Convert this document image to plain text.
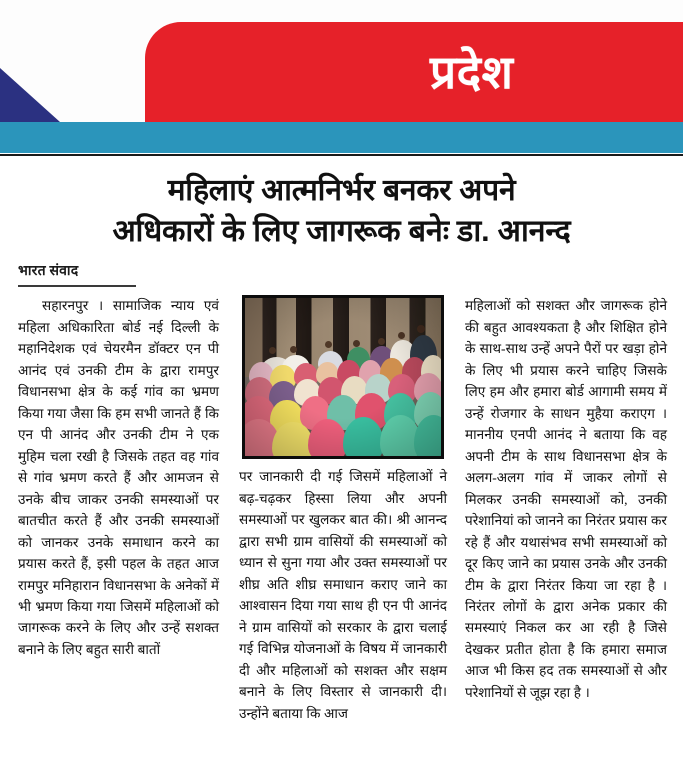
प्रदेश
महिलाएं आत्मनिर्भर बनकर अपने
अधिकारों के लिए जागरूक बनेः डा. आनन्द
भारत संवाद

सहारनपुर । सामाजिक न्याय एवं महिला अधिकारिता बोर्ड नई दिल्ली के महानिदेशक एवं चेयरमैन डॉक्टर एन पी आनंद एवं उनकी टीम के द्वारा रामपुर विधानसभा क्षेत्र के कई गांव का भ्रमण किया गया जैसा कि हम सभी जानते हैं कि एन पी आनंद और उनकी टीम ने एक मुहिम चला रखी है जिसके तहत वह गांव से गांव भ्रमण करते हैं और आमजन से उनके बीच जाकर उनकी समस्याओं पर बातचीत करते हैं और उनकी समस्याओं को जानकर उनके समाधान करने का प्रयास करते हैं, इसी पहल के तहत आज रामपुर मनिहारान विधानसभा के अनेकों में भी भ्रमण किया गया जिसमें महिलाओं को जागरूक करने के लिए और उन्हें सशक्त बनाने के लिए बहुत सारी बातों

पर जानकारी दी गई जिसमें महिलाओं ने बढ़-चढ़कर हिस्सा लिया और अपनी समस्याओं पर खुलकर बात की। श्री आनन्द द्वारा सभी ग्राम वासियों की समस्याओं को ध्यान से सुना गया और उक्त समस्याओं पर शीघ्र अति शीघ्र समाधान कराए जाने का आश्वासन दिया गया साथ ही एन पी आनंद ने ग्राम वासियों को सरकार के द्वारा चलाई गई विभिन्न योजनाओं के विषय में जानकारी दी और महिलाओं को सशक्त और सक्षम बनाने के लिए विस्तार से जानकारी दी। उन्होंने बताया कि आज

महिलाओं को सशक्त और जागरूक होने की बहुत आवश्यकता है और शिक्षित होने के साथ-साथ उन्हें अपने पैरों पर खड़ा होने के लिए भी प्रयास करने चाहिए जिसके लिए हम और हमारा बोर्ड आगामी समय में उन्हें रोजगार के साधन मुहैया कराएग । माननीय एनपी आनंद ने बताया कि वह अपनी टीम के साथ विधानसभा क्षेत्र के अलग-अलग गांव में जाकर लोगों से मिलकर उनकी समस्याओं को, उनकी परेशानियां को जानने का निरंतर प्रयास कर रहे हैं और यथासंभव सभी समस्याओं को दूर किए जाने का प्रयास उनके और उनकी टीम के द्वारा निरंतर किया जा रहा है । निरंतर लोगों के द्वारा अनेक प्रकार की समस्याएं निकल कर आ रही है जिसे देखकर प्रतीत होता है कि हमारा समाज आज भी किस हद तक समस्याओं से और परेशानियों से जूझ रहा है ।
